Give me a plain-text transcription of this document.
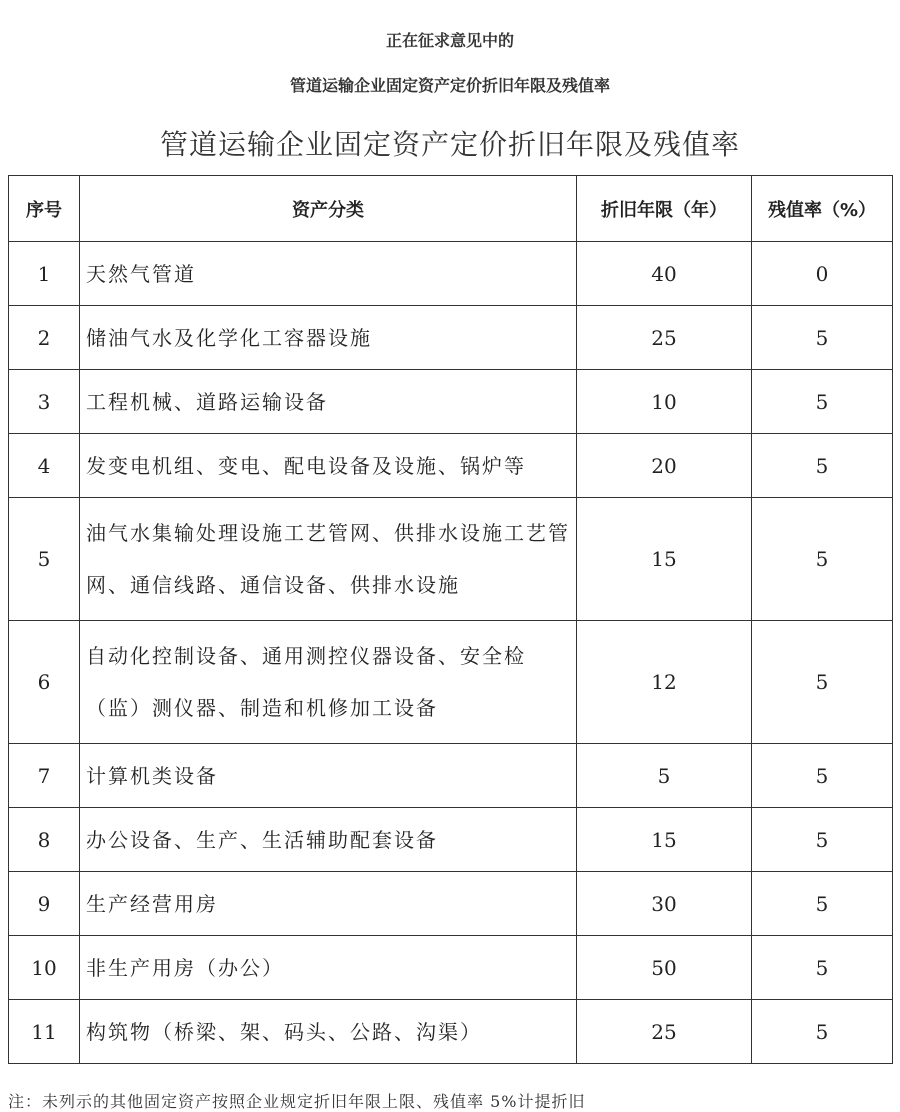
正在征求意见中的
管道运输企业固定资产定价折旧年限及残值率
管道运输企业固定资产定价折旧年限及残值率
序号	资产分类	折旧年限（年）	残值率（%）
1	天然气管道	40	0
2	储油气水及化学化工容器设施	25	5
3	工程机械、道路运输设备	10	5
4	发变电机组、变电、配电设备及设施、锅炉等	20	5
5	油气水集输处理设施工艺管网、供排水设施工艺管网、通信线路、通信设备、供排水设施	15	5
6	自动化控制设备、通用测控仪器设备、安全检（监）测仪器、制造和机修加工设备	12	5
7	计算机类设备	5	5
8	办公设备、生产、生活辅助配套设备	15	5
9	生产经营用房	30	5
10	非生产用房（办公）	50	5
11	构筑物（桥梁、架、码头、公路、沟渠）	25	5
注：未列示的其他固定资产按照企业规定折旧年限上限、残值率 5%计提折旧
